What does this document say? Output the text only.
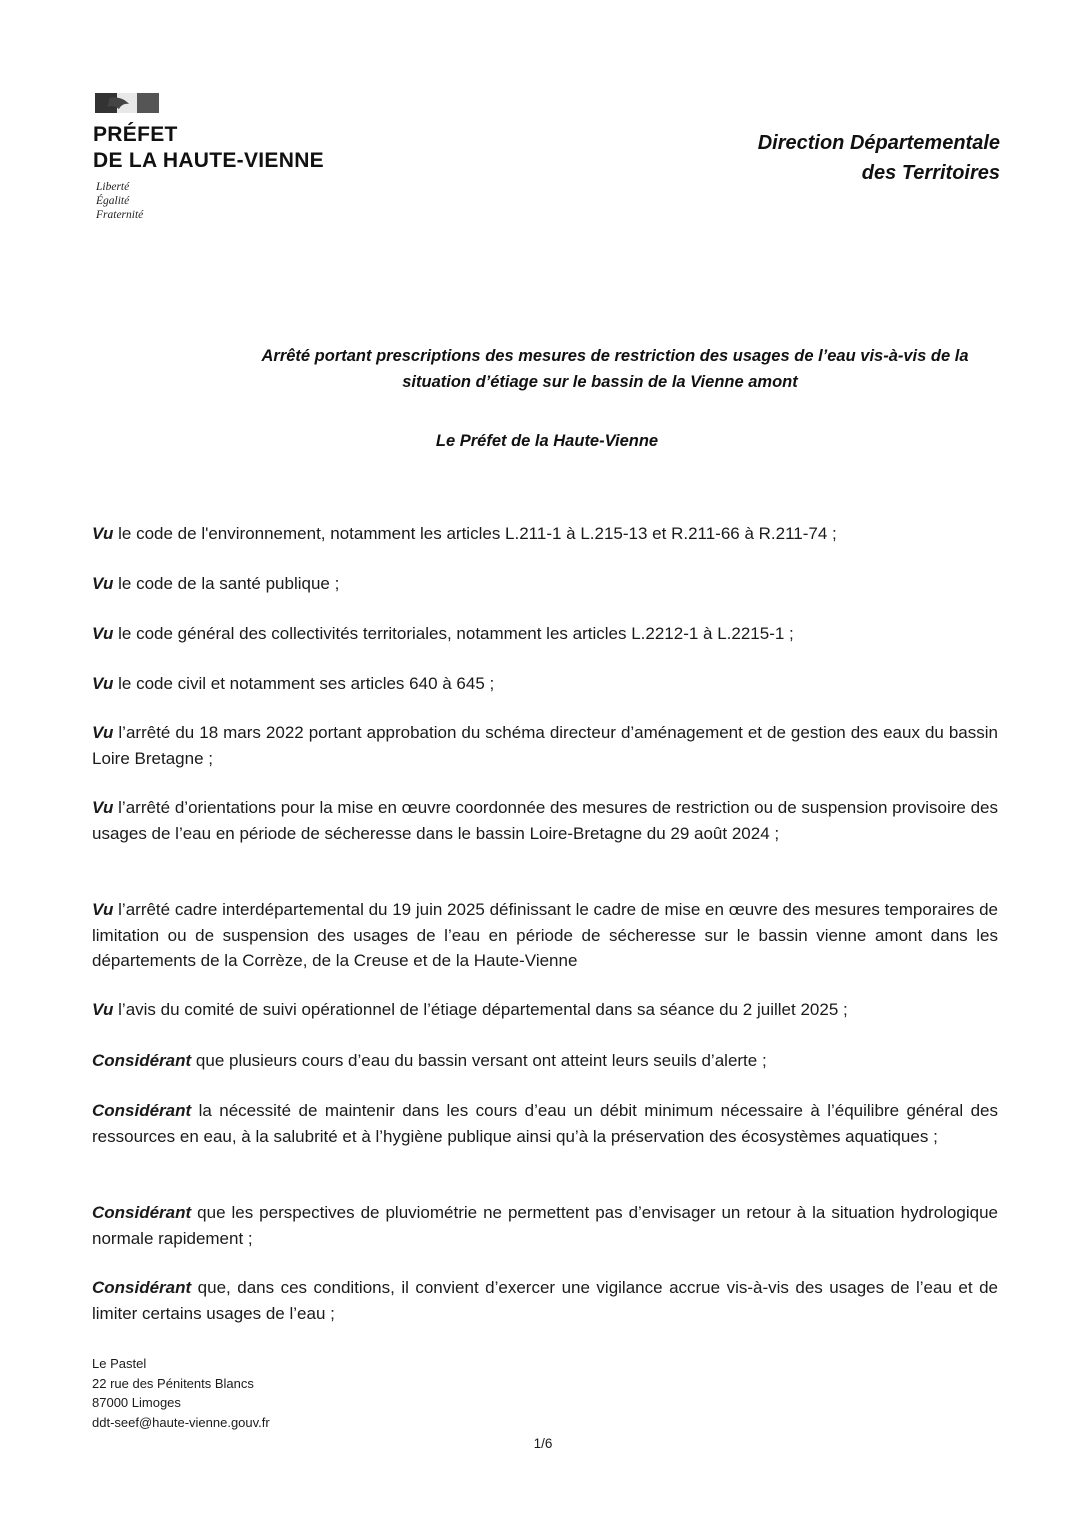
PRÉFET
DE LA HAUTE-VIENNE
Liberté
Égalité
Fraternité
Direction Départementale
des Territoires
Arrêté portant prescriptions des mesures de restriction des usages de l’eau vis-à-vis de la
situation d’étiage sur le bassin de la Vienne amont
Le Préfet de la Haute-Vienne

Vu le code de l'environnement, notamment les articles L.211-1 à L.215-13 et R.211-66 à R.211-74 ;

Vu le code de la santé publique ;

Vu le code général des collectivités territoriales, notamment les articles L.2212-1 à L.2215-1 ;

Vu le code civil et notamment ses articles 640 à 645 ;

Vu l’arrêté du 18 mars 2022 portant approbation du schéma directeur d’aménagement et de gestion des eaux du bassin Loire Bretagne ;

Vu l’arrêté d’orientations pour la mise en œuvre coordonnée des mesures de restriction ou de suspension provisoire des usages de l’eau en période de sécheresse dans le bassin Loire-Bretagne du 29 août 2024 ;

Vu l’arrêté cadre interdépartemental du 19 juin 2025 définissant le cadre de mise en œuvre des mesures temporaires de limitation ou de suspension des usages de l’eau en période de sécheresse sur le bassin vienne amont dans les départements de la Corrèze, de la Creuse et de la Haute-Vienne

Vu l’avis du comité de suivi opérationnel de l’étiage départemental dans sa séance du 2 juillet 2025 ;

Considérant que plusieurs cours d’eau du bassin versant ont atteint leurs seuils d’alerte ;

Considérant la nécessité de maintenir dans les cours d’eau un débit minimum nécessaire à l’équilibre général des ressources en eau, à la salubrité et à l’hygiène publique ainsi qu’à la préservation des écosystèmes aquatiques ;

Considérant que les perspectives de pluviométrie ne permettent pas d’envisager un retour à la situation hydrologique normale rapidement ;

Considérant que, dans ces conditions, il convient d’exercer une vigilance accrue vis-à-vis des usages de l’eau et de limiter certains usages de l’eau ;

Le Pastel
22 rue des Pénitents Blancs
87000 Limoges
ddt-seef@haute-vienne.gouv.fr
1/6
